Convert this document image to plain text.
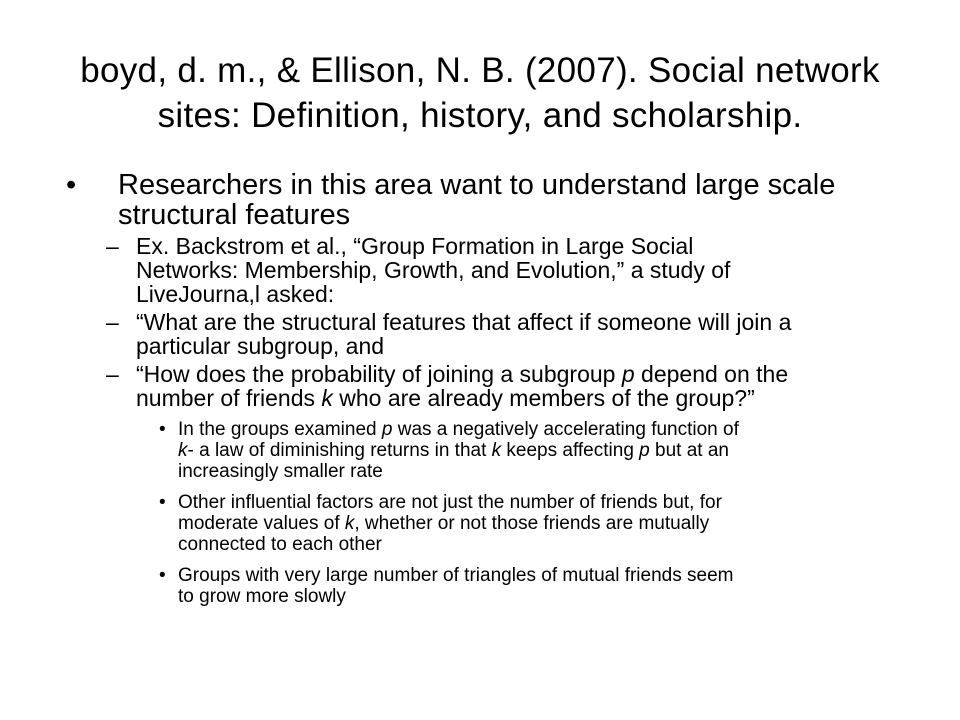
boyd, d. m., & Ellison, N. B. (2007). Social network
sites: Definition, history, and scholarship.
• Researchers in this area want to understand large scale
structural features
– Ex. Backstrom et al., “Group Formation in Large Social
Networks: Membership, Growth, and Evolution,” a study of
LiveJourna,l asked:
– “What are the structural features that affect if someone will join a
particular subgroup, and
– “How does the probability of joining a subgroup p depend on the
number of friends k who are already members of the group?”
• In the groups examined p was a negatively accelerating function of
k- a law of diminishing returns in that k keeps affecting p but at an
increasingly smaller rate
• Other influential factors are not just the number of friends but, for
moderate values of k, whether or not those friends are mutually
connected to each other
• Groups with very large number of triangles of mutual friends seem
to grow more slowly
